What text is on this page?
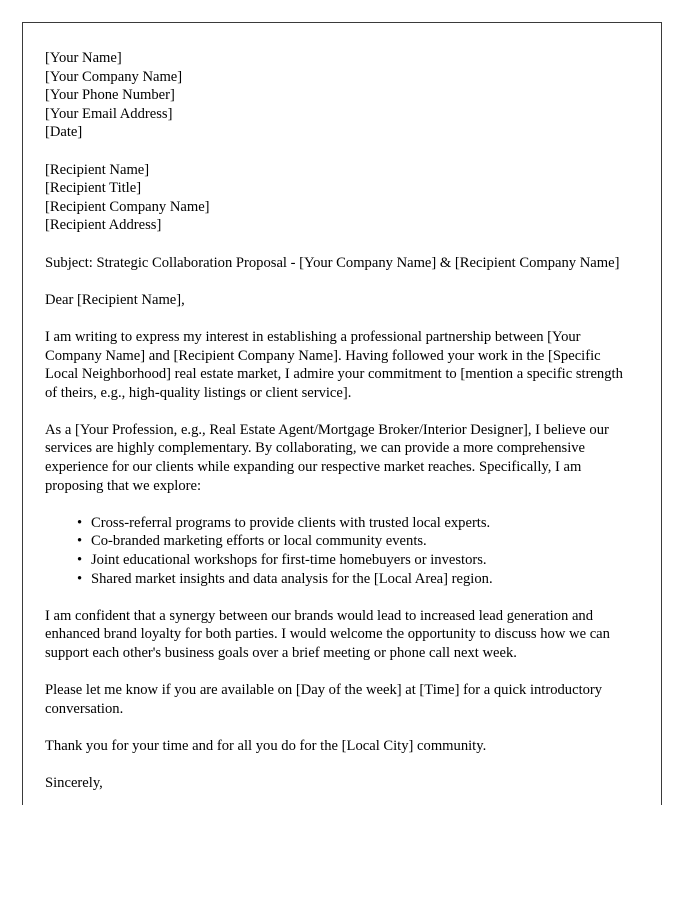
[Your Name]
[Your Company Name]
[Your Phone Number]
[Your Email Address]
[Date]
[Recipient Name]
[Recipient Title]
[Recipient Company Name]
[Recipient Address]

Subject: Strategic Collaboration Proposal - [Your Company Name] & [Recipient Company Name]

Dear [Recipient Name],

I am writing to express my interest in establishing a professional partnership between [Your Company Name] and [Recipient Company Name]. Having followed your work in the [Specific Local Neighborhood] real estate market, I admire your commitment to [mention a specific strength of theirs, e.g., high-quality listings or client service].

As a [Your Profession, e.g., Real Estate Agent/Mortgage Broker/Interior Designer], I believe our services are highly complementary. By collaborating, we can provide a more comprehensive experience for our clients while expanding our respective market reaches. Specifically, I am proposing that we explore:

• Cross-referral programs to provide clients with trusted local experts.
• Co-branded marketing efforts or local community events.
• Joint educational workshops for first-time homebuyers or investors.
• Shared market insights and data analysis for the [Local Area] region.

I am confident that a synergy between our brands would lead to increased lead generation and enhanced brand loyalty for both parties. I would welcome the opportunity to discuss how we can support each other's business goals over a brief meeting or phone call next week.

Please let me know if you are available on [Day of the week] at [Time] for a quick introductory conversation.

Thank you for your time and for all you do for the [Local City] community.

Sincerely,
